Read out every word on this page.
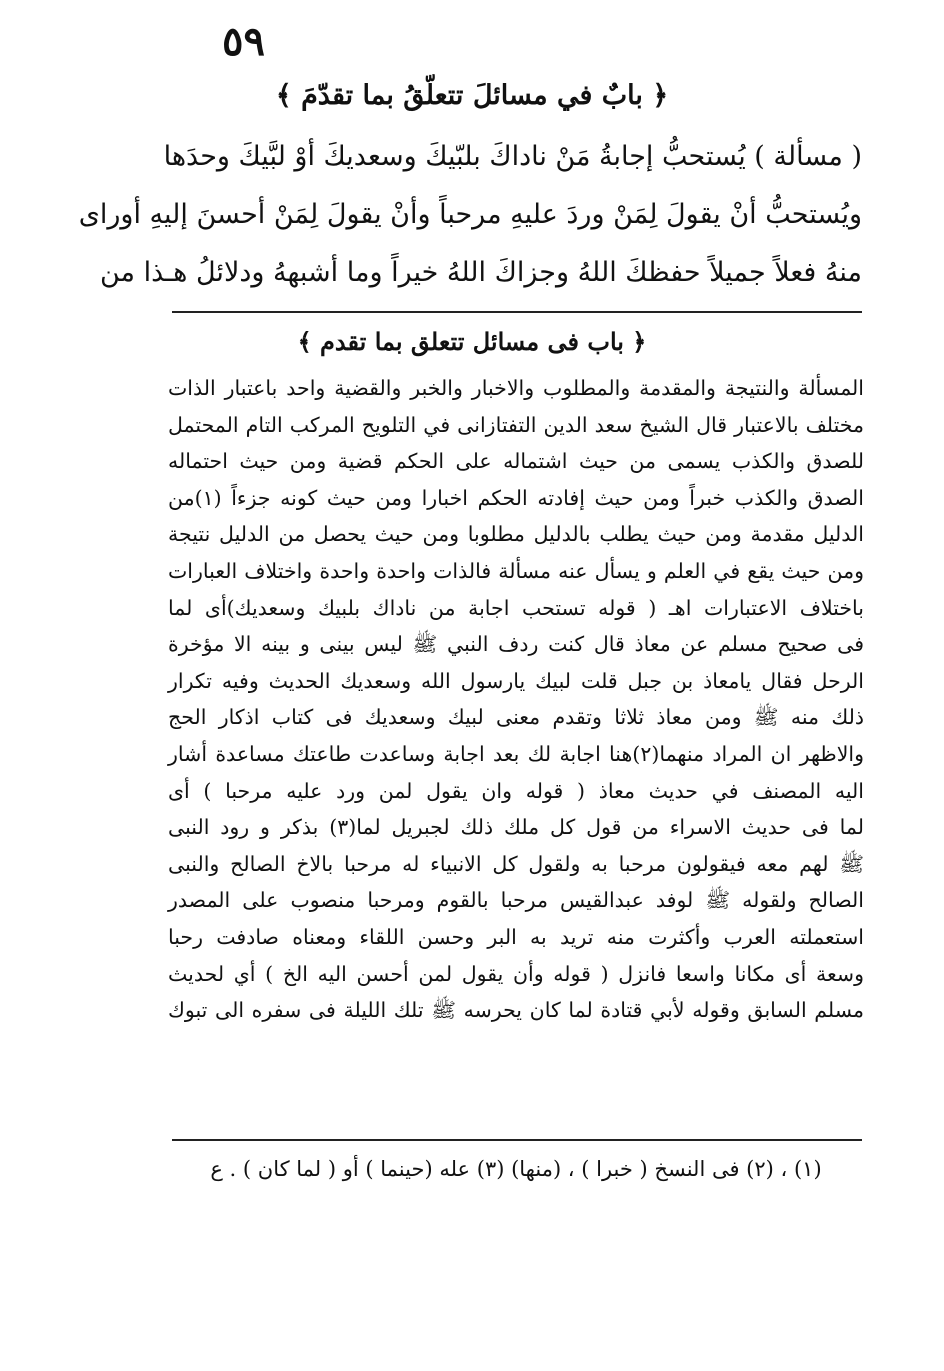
٥٩
﴿ بابٌ في مسائلَ تتعلّقُ بما تقدّمَ ﴾
( مسألة ) يُستحبُّ إجابةُ مَنْ ناداكَ بلبّيكَ وسعديكَ أوْ لبَّيكَ وحدَها
ويُستحبُّ أنْ يقولَ لِمَنْ وردَ عليهِ مرحباً وأنْ يقولَ لِمَنْ أحسنَ إليهِ أوراى
منهُ فعلاً جميلاً حفظكَ اللهُ وجزاكَ اللهُ خيراً وما أشبههُ ودلائلُ هـذا من
﴿ باب فى مسائل تتعلق بما تقدم ﴾
المسألة والنتيجة والمقدمة والمطلوب والاخبار والخبر والقضية واحد باعتبار الذات
مختلف بالاعتبار قال الشيخ سعد الدين التفتازانى في التلويح المركب التام المحتمل
للصدق والكذب يسمى من حيث اشتماله على الحكم قضية ومن حيث احتماله
الصدق والكذب خبراً ومن حيث إفادته الحكم اخبارا ومن حيث كونه جزءاً (١)من
الدليل مقدمة ومن حيث يطلب بالدليل مطلوبا ومن حيث يحصل من الدليل نتيجة
ومن حيث يقع في العلم و يسأل عنه مسألة فالذات واحدة واحدة واختلاف العبارات
باختلاف الاعتبارات اهـ ( قوله تستحب اجابة من ناداك بلبيك وسعديك)أى لما
فى صحيح مسلم عن معاذ قال كنت ردف النبي ﷺ ليس بينى و بينه الا مؤخرة
الرحل فقال يامعاذ بن جبل قلت لبيك يارسول الله وسعديك الحديث وفيه تكرار
ذلك منه ﷺ ومن معاذ ثلاثا وتقدم معنى لبيك وسعديك فى كتاب اذكار الحج
والاظهر ان المراد منهما(٢)هنا اجابة لك بعد اجابة وساعدت طاعتك مساعدة أشار
اليه المصنف في حديث معاذ ( قوله وان يقول لمن ورد عليه مرحبا ) أى
لما فى حديث الاسراء من قول كل ملك ذلك لجبريل لما(٣) بذكر و رود النبى
ﷺ لهم معه فيقولون مرحبا به ولقول كل الانبياء له مرحبا بالاخ الصالح والنبى
الصالح ولقوله ﷺ لوفد عبدالقيس مرحبا بالقوم ومرحبا منصوب على المصدر
استعملته العرب وأكثرت منه تريد به البر وحسن اللقاء ومعناه صادفت رحبا
وسعة أى مكانا واسعا فانزل ( قوله وأن يقول لمن أحسن اليه الخ ) أي لحديث
مسلم السابق وقوله لأبي قتادة لما كان يحرسه ﷺ تلك الليلة فى سفره الى تبوك
(١) ، (٢) فى النسخ ( خبرا ) ، (منها) (٣) عله (حينما ) أو ( لما كان ) . ع
